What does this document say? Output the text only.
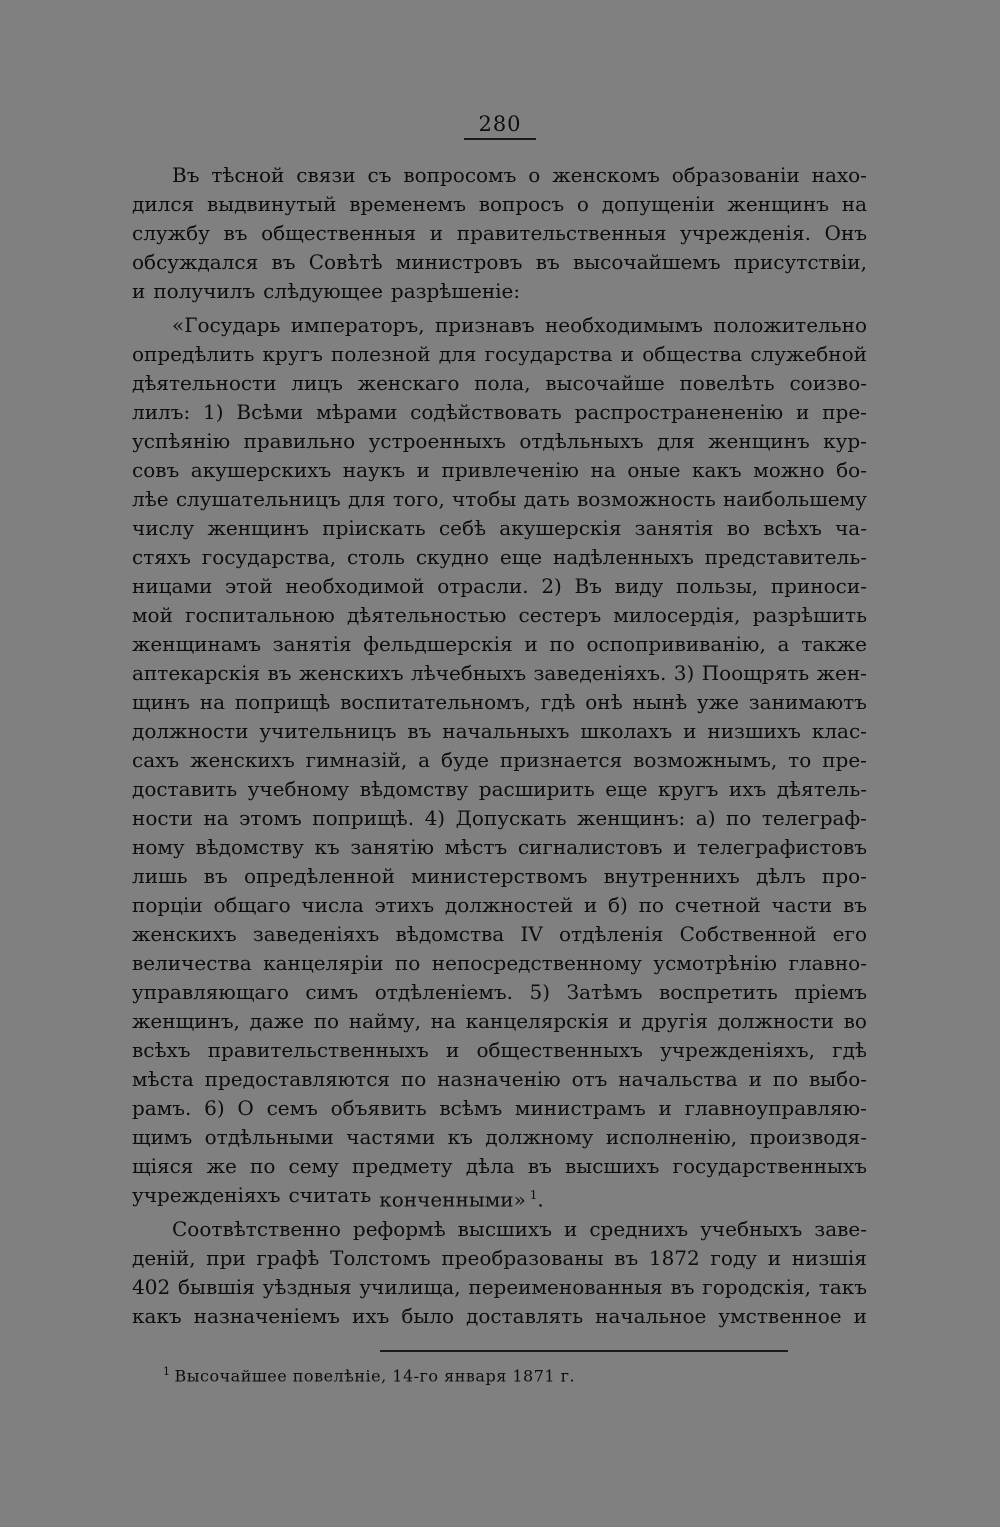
280
Въ тѣсной связи съ вопросомъ о женскомъ образованіи нахо-
дился выдвинутый временемъ вопросъ о допущеніи женщинъ на
службу въ общественныя и правительственныя учрежденія. Онъ
обсуждался въ Совѣтѣ министровъ въ высочайшемъ присутствіи,
и получилъ слѣдующее разрѣшеніе:
«Государь императоръ, признавъ необходимымъ положительно
опредѣлить кругъ полезной для государства и общества служебной
дѣятельности лицъ женскаго пола, высочайше повелѣть соизво-
лилъ: 1) Всѣми мѣрами содѣйствовать распространененію и пре-
успѣянію правильно устроенныхъ отдѣльныхъ для женщинъ кур-
совъ акушерскихъ наукъ и привлеченію на оные какъ можно бо-
лѣе слушательницъ для того, чтобы дать возможность наибольшему
числу женщинъ пріискать себѣ акушерскія занятія во всѣхъ ча-
стяхъ государства, столь скудно еще надѣленныхъ представитель-
ницами этой необходимой отрасли. 2) Въ виду пользы, приноси-
мой госпитальною дѣятельностью сестеръ милосердія, разрѣшить
женщинамъ занятія фельдшерскія и по оспопрививанію, а также
аптекарскія въ женскихъ лѣчебныхъ заведеніяхъ. 3) Поощрять жен-
щинъ на поприщѣ воспитательномъ, гдѣ онѣ нынѣ уже занимаютъ
должности учительницъ въ начальныхъ школахъ и низшихъ клас-
сахъ женскихъ гимназій, а буде признается возможнымъ, то пре-
доставить учебному вѣдомству расширить еще кругъ ихъ дѣятель-
ности на этомъ поприщѣ. 4) Допускать женщинъ: а) по телеграф-
ному вѣдомству къ занятію мѣстъ сигналистовъ и телеграфистовъ
лишь въ опредѣленной министерствомъ внутреннихъ дѣлъ про-
порціи общаго числа этихъ должностей и б) по счетной части въ
женскихъ заведеніяхъ вѣдомства IV отдѣленія Собственной его
величества канцеляріи по непосредственному усмотрѣнію главно-
управляющаго симъ отдѣленіемъ. 5) Затѣмъ воспретить пріемъ
женщинъ, даже по найму, на канцелярскія и другія должности во
всѣхъ правительственныхъ и общественныхъ учрежденіяхъ, гдѣ
мѣста предоставляются по назначенію отъ начальства и по выбо-
рамъ. 6) О семъ объявить всѣмъ министрамъ и главноуправляю-
щимъ отдѣльными частями къ должному исполненію, производя-
щіяся же по сему предмету дѣла въ высшихъ государственныхъ
учрежденіяхъ считать конченными» $^1$.
Соотвѣтственно реформѣ высшихъ и среднихъ учебныхъ заве-
деній, при графѣ Толстомъ преобразованы въ 1872 году и низшія
402 бывшія уѣздныя училища, переименованныя въ городскія, такъ
какъ назначеніемъ ихъ было доставлять начальное умственное и
$^1$ Высочайшее повелѣніе, 14-го января 1871 г.
